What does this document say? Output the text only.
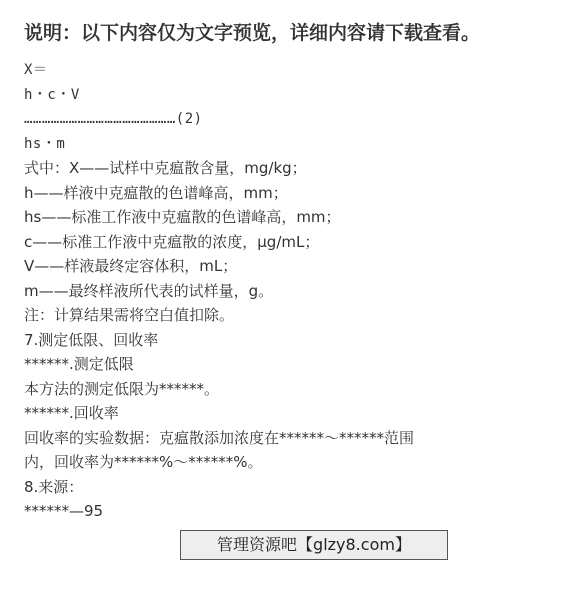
说明：以下内容仅为文字预览，详细内容请下载查看。
X＝
h・c・V
……………………………………………(2)
hs・m
式中：X——试样中克瘟散含量，mg/kg；
h——样液中克瘟散的色谱峰高，mm；
hs——标准工作液中克瘟散的色谱峰高，mm；
c——标准工作液中克瘟散的浓度，μg/mL；
V——样液最终定容体积，mL；
m——最终样液所代表的试样量，g。
注：计算结果需将空白值扣除。
7.测定低限、回收率
******.测定低限
本方法的测定低限为******。
******.回收率
回收率的实验数据：克瘟散添加浓度在******～******范围
内，回收率为******%～******%。
8.来源：
******—95
管理资源吧【glzy8.com】
